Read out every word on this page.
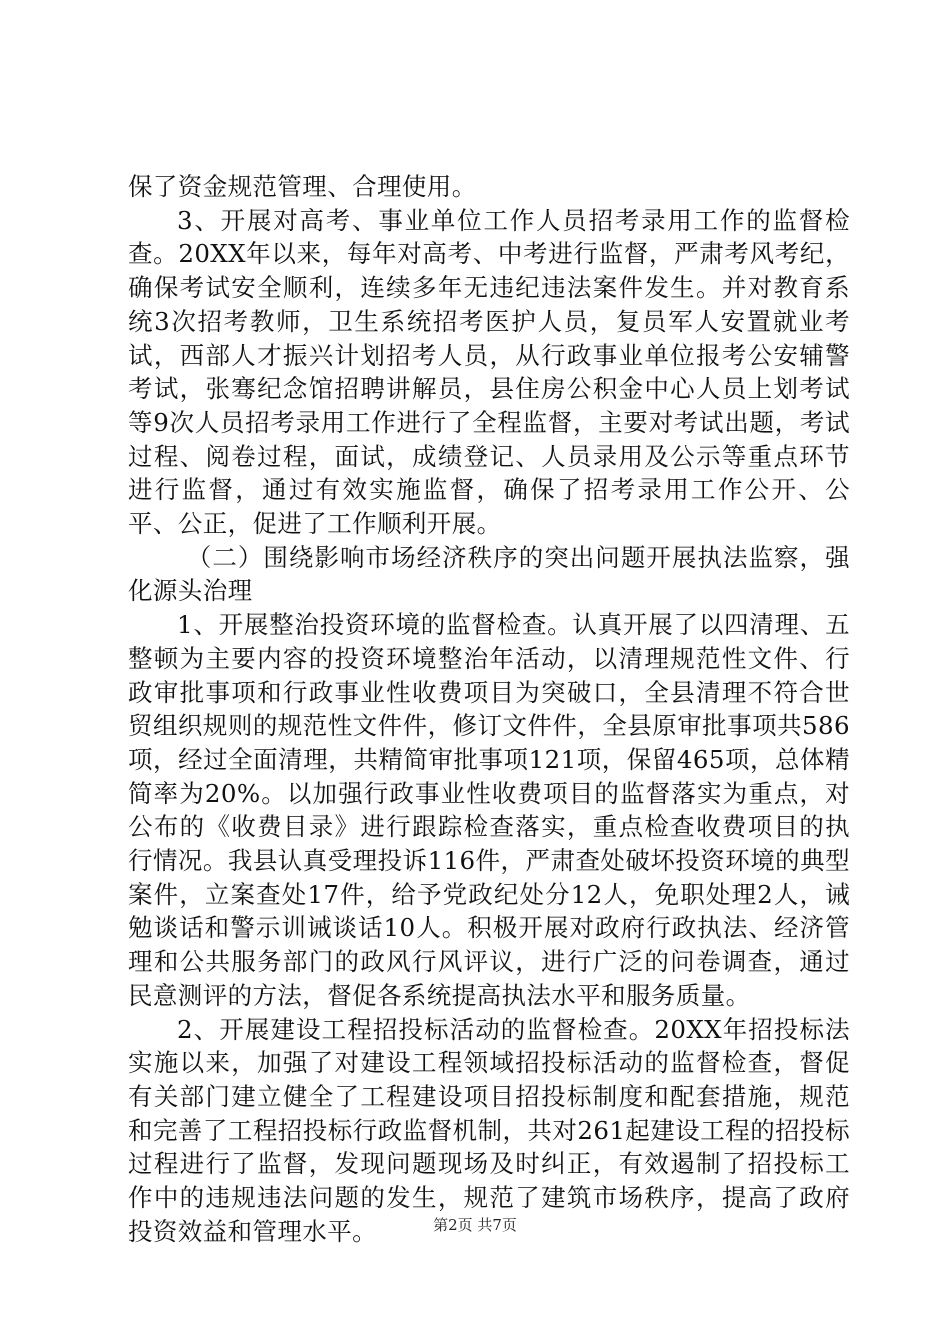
保了资金规范管理、合理使用。

3、开展对高考、事业单位工作人员招考录用工作的监督检查。20XX年以来，每年对高考、中考进行监督，严肃考风考纪，确保考试安全顺利，连续多年无违纪违法案件发生。并对教育系统3次招考教师，卫生系统招考医护人员，复员军人安置就业考试，西部人才振兴计划招考人员，从行政事业单位报考公安辅警考试，张骞纪念馆招聘讲解员，县住房公积金中心人员上划考试等9次人员招考录用工作进行了全程监督，主要对考试出题，考试过程、阅卷过程，面试，成绩登记、人员录用及公示等重点环节进行监督，通过有效实施监督，确保了招考录用工作公开、公平、公正，促进了工作顺利开展。

（二）围绕影响市场经济秩序的突出问题开展执法监察，强化源头治理

1、开展整治投资环境的监督检查。认真开展了以四清理、五整顿为主要内容的投资环境整治年活动，以清理规范性文件、行政审批事项和行政事业性收费项目为突破口，全县清理不符合世贸组织规则的规范性文件件，修订文件件，全县原审批事项共586项，经过全面清理，共精简审批事项121项，保留465项，总体精简率为20%。以加强行政事业性收费项目的监督落实为重点，对公布的《收费目录》进行跟踪检查落实，重点检查收费项目的执行情况。我县认真受理投诉116件，严肃查处破坏投资环境的典型案件，立案查处17件，给予党政纪处分12人，免职处理2人，诫勉谈话和警示训诫谈话10人。积极开展对政府行政执法、经济管理和公共服务部门的政风行风评议，进行广泛的问卷调查，通过民意测评的方法，督促各系统提高执法水平和服务质量。

2、开展建设工程招投标活动的监督检查。20XX年招投标法实施以来，加强了对建设工程领域招投标活动的监督检查，督促有关部门建立健全了工程建设项目招投标制度和配套措施，规范和完善了工程招投标行政监督机制，共对261起建设工程的招投标过程进行了监督，发现问题现场及时纠正，有效遏制了招投标工作中的违规违法问题的发生，规范了建筑市场秩序，提高了政府投资效益和管理水平。	第2页 共7页
